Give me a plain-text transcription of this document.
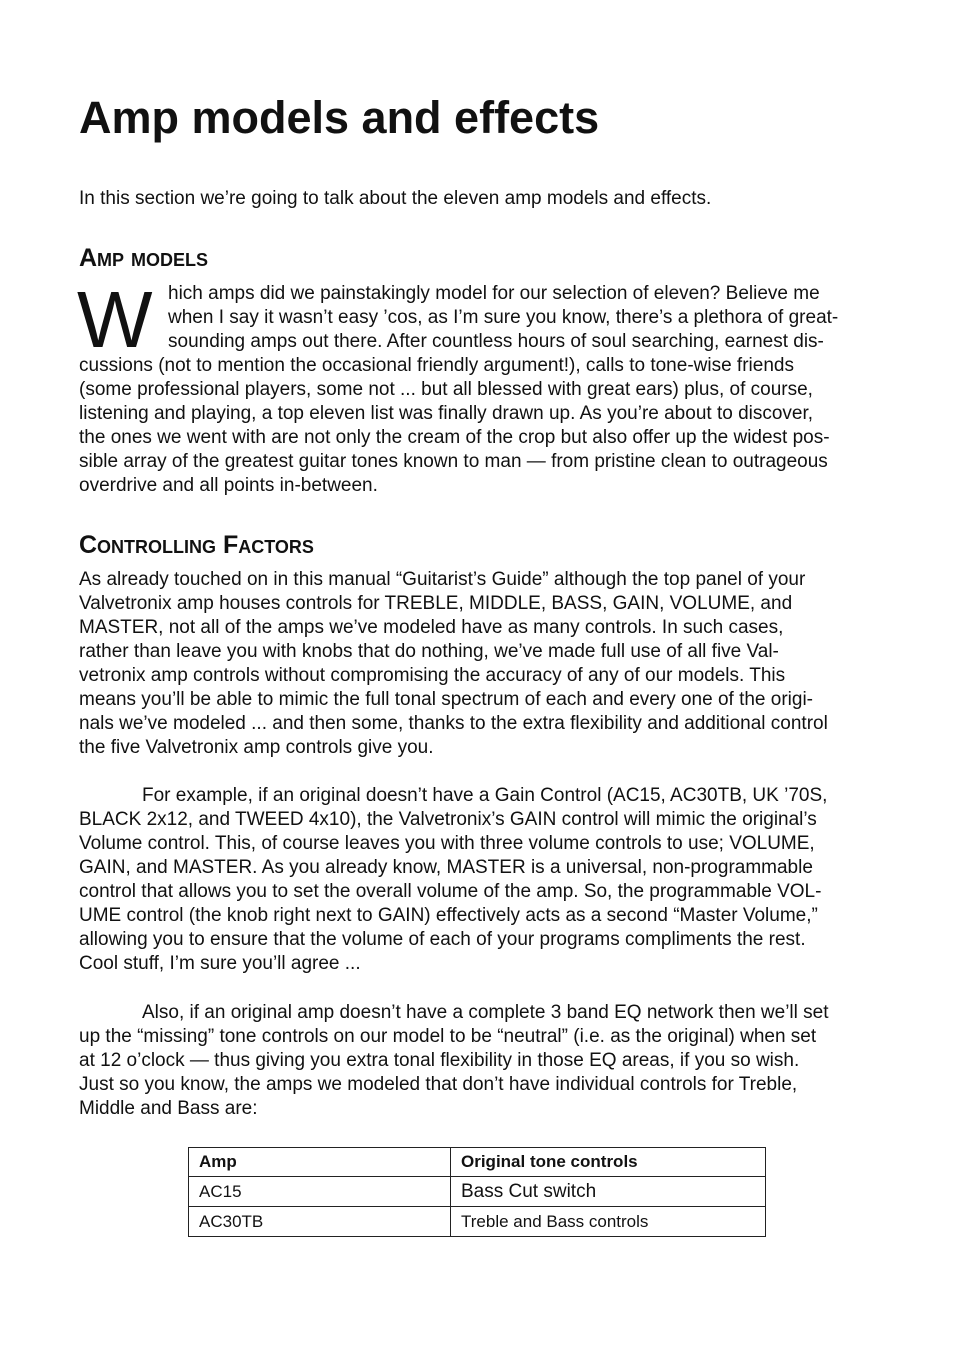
Amp models and effects

In this section we’re going to talk about the eleven amp models and effects.

Amp models
W hich amps did we painstakingly model for our selection of eleven? Believe me
when I say it wasn’t easy ’cos, as I’m sure you know, there’s a plethora of great-
sounding amps out there. After countless hours of soul searching, earnest dis-
cussions (not to mention the occasional friendly argument!), calls to tone-wise friends
(some professional players, some not ... but all blessed with great ears) plus, of course,
listening and playing, a top eleven list was finally drawn up. As you’re about to discover,
the ones we went with are not only the cream of the crop but also offer up the widest pos-
sible array of the greatest guitar tones known to man — from pristine clean to outrageous
overdrive and all points in-between.
Controlling Factors
As already touched on in this manual “Guitarist’s Guide” although the top panel of your
Valvetronix amp houses controls for TREBLE, MIDDLE, BASS, GAIN, VOLUME, and
MASTER, not all of the amps we’ve modeled have as many controls. In such cases,
rather than leave you with knobs that do nothing, we’ve made full use of all five Val-
vetronix amp controls without compromising the accuracy of any of our models. This
means you’ll be able to mimic the full tonal spectrum of each and every one of the origi-
nals we’ve modeled ... and then some, thanks to the extra flexibility and additional control
the five Valvetronix amp controls give you.
For example, if an original doesn’t have a Gain Control (AC15, AC30TB, UK ’70S,
BLACK 2x12, and TWEED 4x10), the Valvetronix’s GAIN control will mimic the original’s
Volume control. This, of course leaves you with three volume controls to use; VOLUME,
GAIN, and MASTER. As you already know, MASTER is a universal, non-programmable
control that allows you to set the overall volume of the amp. So, the programmable VOL-
UME control (the knob right next to GAIN) effectively acts as a second “Master Volume,”
allowing you to ensure that the volume of each of your programs compliments the rest.
Cool stuff, I’m sure you’ll agree ...
Also, if an original amp doesn’t have a complete 3 band EQ network then we’ll set
up the “missing” tone controls on our model to be “neutral” (i.e. as the original) when set
at 12 o’clock — thus giving you extra tonal flexibility in those EQ areas, if you so wish.
Just so you know, the amps we modeled that don’t have individual controls for Treble,
Middle and Bass are:
Amp	Original tone controls
AC15	Bass Cut switch
AC30TB	Treble and Bass controls
